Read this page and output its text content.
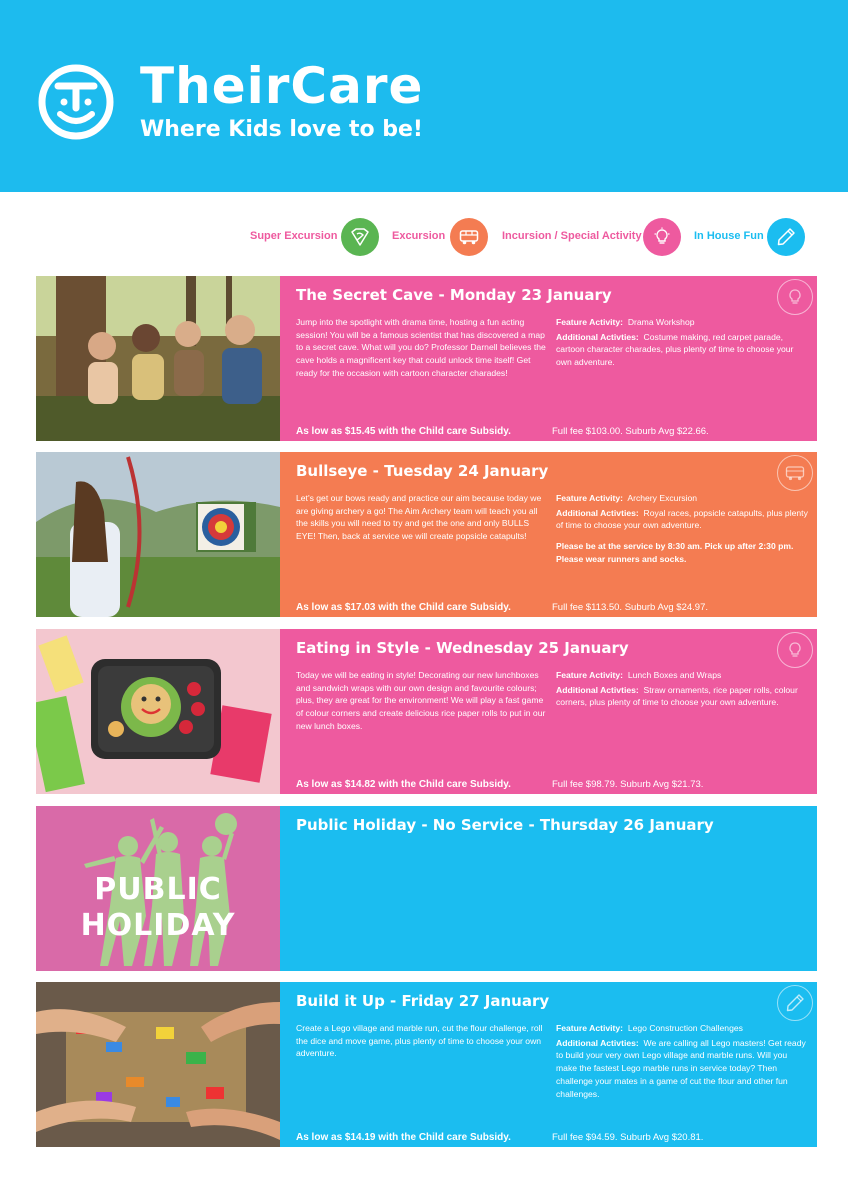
TheirCare
Where Kids love to be!
Super Excursion	Excursion	Incursion / Special Activity	In House Fun
The Secret Cave - Monday 23 January
Jump into the spotlight with drama time, hosting a fun acting session! You will be a famous scientist that has discovered a map to a secret cave. What will you do? Professor Darnell believes the cave holds a magnificent key that could unlock time itself! Get ready for the occasion with cartoon character charades!

Feature Activity: Drama Workshop

Additional Activties: Costume making, red carpet parade, cartoon character charades, plus plenty of time to choose your own adventure.

As low as $15.45 with the Child care Subsidy.	Full fee $103.00. Suburb Avg $22.66.
Bullseye - Tuesday 24 January
Let's get our bows ready and practice our aim because today we are giving archery a go! The Aim Archery team will teach you all the skills you will need to try and get the one and only BULLS EYE! Then, back at service we will create popsicle catapults!

Feature Activity: Archery Excursion

Additional Activties: Royal races, popsicle catapults, plus plenty of time to choose your own adventure.

Please be at the service by 8:30 am. Pick up after 2:30 pm. Please wear runners and socks.

As low as $17.03 with the Child care Subsidy.	Full fee $113.50. Suburb Avg $24.97.
Eating in Style - Wednesday 25 January
Today we will be eating in style! Decorating our new lunchboxes and sandwich wraps with our own design and favourite colours; plus, they are great for the environment! We will play a fast game of colour corners and create delicious rice paper rolls to put in our new lunch boxes.

Feature Activity: Lunch Boxes and Wraps

Additional Activties: Straw ornaments, rice paper rolls, colour corners, plus plenty of time to choose your own adventure.

As low as $14.82 with the Child care Subsidy.	Full fee $98.79. Suburb Avg $21.73.
PUBLIC
HOLIDAY
Public Holiday - No Service - Thursday 26 January
Build it Up - Friday 27 January
Create a Lego village and marble run, cut the flour challenge, roll the dice and move game, plus plenty of time to choose your own adventure.

Feature Activity: Lego Construction Challenges

Additional Activties: We are calling all Lego masters! Get ready to build your very own Lego village and marble runs. Will you make the fastest Lego marble runs in service today? Then challenge your mates in a game of cut the flour and other fun challenges.

As low as $14.19 with the Child care Subsidy.	Full fee $94.59. Suburb Avg $20.81.
